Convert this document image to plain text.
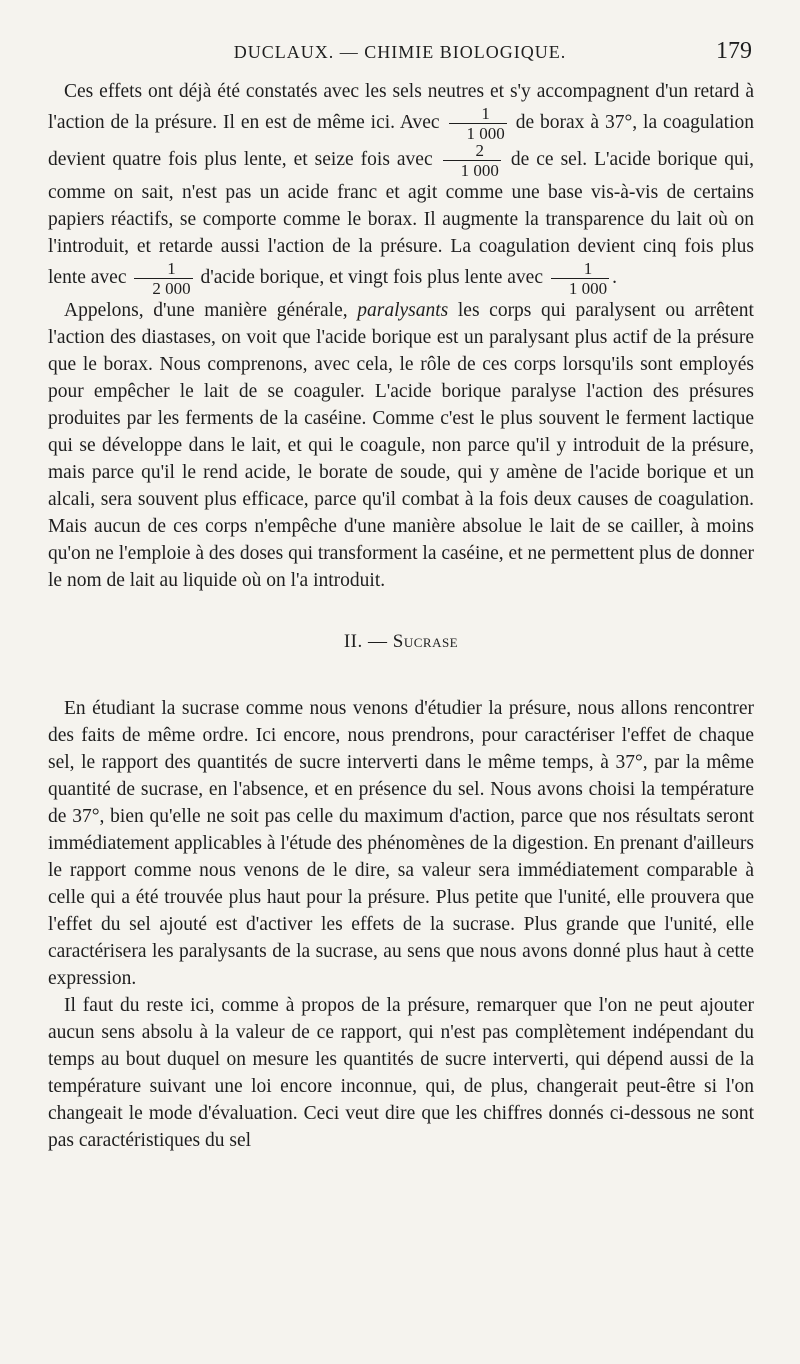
DUCLAUX. — CHIMIE BIOLOGIQUE.	179

Ces effets ont déjà été constatés avec les sels neutres et s'y accompagnent d'un retard à l'action de la présure. Il en est de même ici. Avec $\frac{1}{1 000}$ de borax à 37°, la coagulation devient quatre fois plus lente, et seize fois avec $\frac{2}{1 000}$ de ce sel. L'acide borique qui, comme on sait, n'est pas un acide franc et agit comme une base vis-à-vis de certains papiers réactifs, se comporte comme le borax. Il augmente la transparence du lait où on l'introduit, et retarde aussi l'action de la présure. La coagulation devient cinq fois plus lente avec $\frac{1}{2 000}$ d'acide borique, et vingt fois plus lente avec $\frac{1}{1 000}$ .

Appelons, d'une manière générale, paralysants les corps qui paralysent ou arrêtent l'action des diastases, on voit que l'acide borique est un paralysant plus actif de la présure que le borax. Nous comprenons, avec cela, le rôle de ces corps lorsqu'ils sont employés pour empêcher le lait de se coaguler. L'acide borique paralyse l'action des présures produites par les ferments de la caséine. Comme c'est le plus souvent le ferment lactique qui se développe dans le lait, et qui le coagule, non parce qu'il y introduit de la présure, mais parce qu'il le rend acide, le borate de soude, qui y amène de l'acide borique et un alcali, sera souvent plus efficace, parce qu'il combat à la fois deux causes de coagulation. Mais aucun de ces corps n'empêche d'une manière absolue le lait de se cailler, à moins qu'on ne l'emploie à des doses qui transforment la caséine, et ne permettent plus de donner le nom de lait au liquide où on l'a introduit.

II. — Sucrase

En étudiant la sucrase comme nous venons d'étudier la présure, nous allons rencontrer des faits de même ordre. Ici encore, nous prendrons, pour caractériser l'effet de chaque sel, le rapport des quantités de sucre interverti dans le même temps, à 37°, par la même quantité de sucrase, en l'absence, et en présence du sel. Nous avons choisi la température de 37°, bien qu'elle ne soit pas celle du maximum d'action, parce que nos résultats seront immédiatement applicables à l'étude des phénomènes de la digestion. En prenant d'ailleurs le rapport comme nous venons de le dire, sa valeur sera immédiatement comparable à celle qui a été trouvée plus haut pour la présure. Plus petite que l'unité, elle prouvera que l'effet du sel ajouté est d'activer les effets de la sucrase. Plus grande que l'unité, elle caractérisera les paralysants de la sucrase, au sens que nous avons donné plus haut à cette expression.

Il faut du reste ici, comme à propos de la présure, remarquer que l'on ne peut ajouter aucun sens absolu à la valeur de ce rapport, qui n'est pas complètement indépendant du temps au bout duquel on mesure les quantités de sucre interverti, qui dépend aussi de la température suivant une loi encore inconnue, qui, de plus, changerait peut-être si l'on changeait le mode d'évaluation. Ceci veut dire que les chiffres donnés ci-dessous ne sont pas caractéristiques du sel
